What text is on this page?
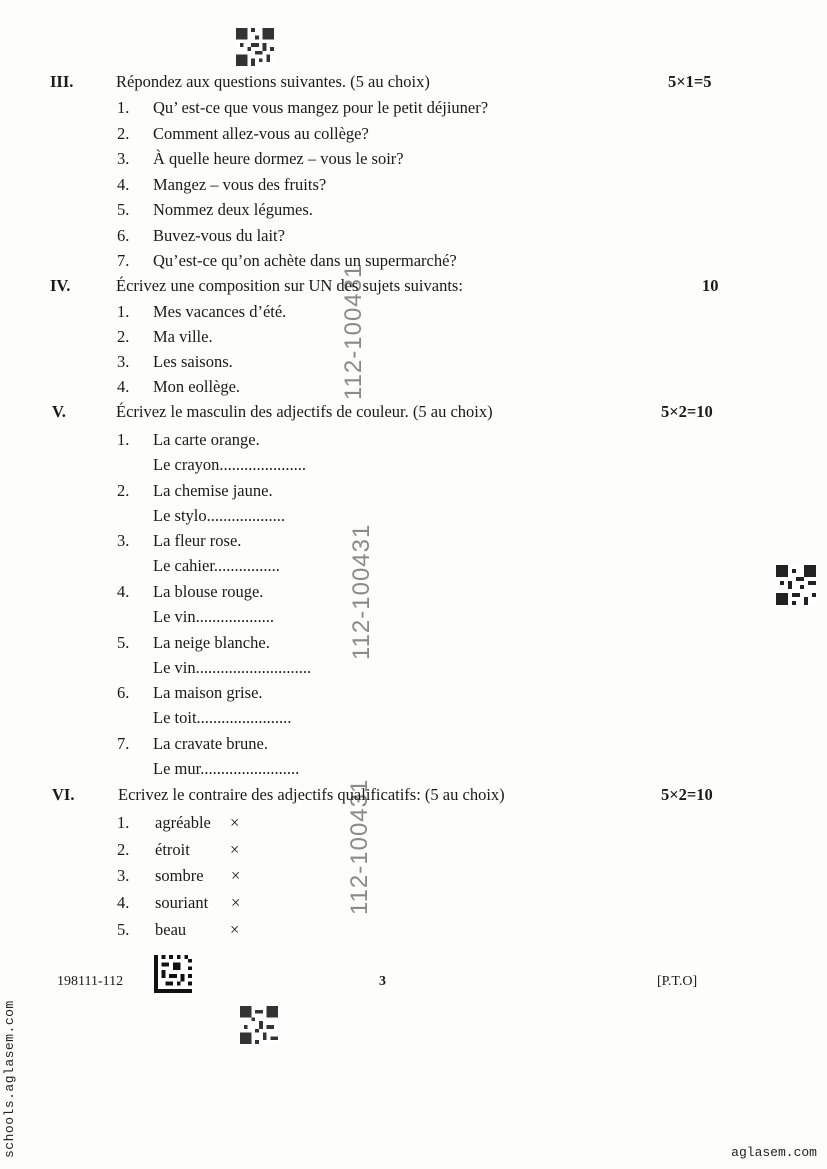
112-100431
112-100431
112-100431
III.	Répondez aux questions suivantes. (5 au choix)	5×1=5
1. Qu’ est-ce que vous mangez pour le petit déjiuner?
2. Comment allez-vous au collège?
3. À quelle heure dormez – vous le soir?
4. Mangez – vous des fruits?
5. Nommez deux légumes.
6. Buvez-vous du lait?
7. Qu’est-ce qu’on achète dans un supermarché?
IV.	Écrivez une composition sur UN des sujets suivants:	10
1. Mes vacances d’été.
2. Ma ville.
3. Les saisons.
4. Mon eollège.
V.	Écrivez le masculin des adjectifs de couleur. (5 au choix)	5×2=10
1. La carte orange.
Le crayon.....................
2. La chemise jaune.
Le stylo...................
3. La fleur rose.
Le cahier................
4. La blouse rouge.
Le vin...................
5. La neige blanche.
Le vin............................
6. La maison grise.
Le toit.......................
7. La cravate brune.
Le mur........................
VI.	Ecrivez le contraire des adjectifs qualificatifs: (5 au choix)	5×2=10
1. agréable ×
2. étroit ×
3. sombre ×
4. souriant ×
5. beau	×
198111-112	3	[P.T.O]
schools.aglasem.com	aglasem.com
